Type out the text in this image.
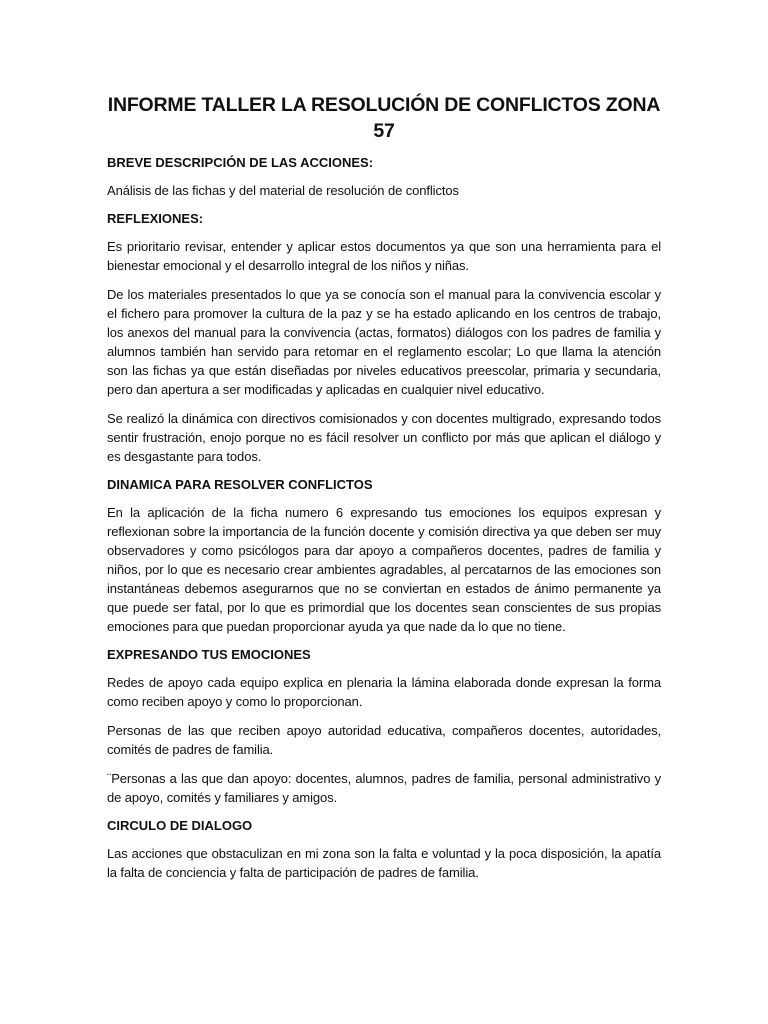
INFORME TALLER LA RESOLUCIÓN DE CONFLICTOS ZONA 57
BREVE DESCRIPCIÓN DE LAS ACCIONES:

Análisis de las fichas y del material de resolución de conflictos

REFLEXIONES:

Es prioritario revisar, entender y aplicar estos documentos ya que son una herramienta para el bienestar emocional y el desarrollo integral de los niños y niñas.

De los materiales presentados lo que ya se conocía son el manual para la convivencia escolar y el fichero para promover la cultura de la paz y se ha estado aplicando en los centros de trabajo, los anexos del manual para la convivencia (actas, formatos) diálogos con los padres de familia y alumnos también han servido para retomar en el reglamento escolar; Lo que llama la atención son las fichas ya que están diseñadas por niveles educativos preescolar, primaria y secundaria, pero dan apertura a ser modificadas y aplicadas en cualquier nivel educativo.

Se realizó la dinámica con directivos comisionados y con docentes multigrado, expresando todos sentir frustración, enojo porque no es fácil resolver un conflicto por más que aplican el diálogo y es desgastante para todos.

DINAMICA PARA RESOLVER CONFLICTOS

En la aplicación de la ficha numero 6 expresando tus emociones los equipos expresan y reflexionan sobre la importancia de la función docente y comisión directiva ya que deben ser muy observadores y como psicólogos para dar apoyo a compañeros docentes, padres de familia y niños, por lo que es necesario crear ambientes agradables, al percatarnos de las emociones son instantáneas debemos asegurarnos que no se conviertan en estados de ánimo permanente ya que puede ser fatal, por lo que es primordial que los docentes sean conscientes de sus propias emociones para que puedan proporcionar ayuda ya que nade da lo que no tiene.

EXPRESANDO TUS EMOCIONES

Redes de apoyo cada equipo explica en plenaria la lámina elaborada donde expresan la forma como reciben apoyo y como lo proporcionan.

Personas de las que reciben apoyo autoridad educativa, compañeros docentes, autoridades, comités de padres de familia.

¨Personas a las que dan apoyo: docentes, alumnos, padres de familia, personal administrativo y de apoyo, comités y familiares y amigos.

CIRCULO DE DIALOGO

Las acciones que obstaculizan en mi zona son la falta e voluntad y la poca disposición, la apatía la falta de conciencia y falta de participación de padres de familia.
